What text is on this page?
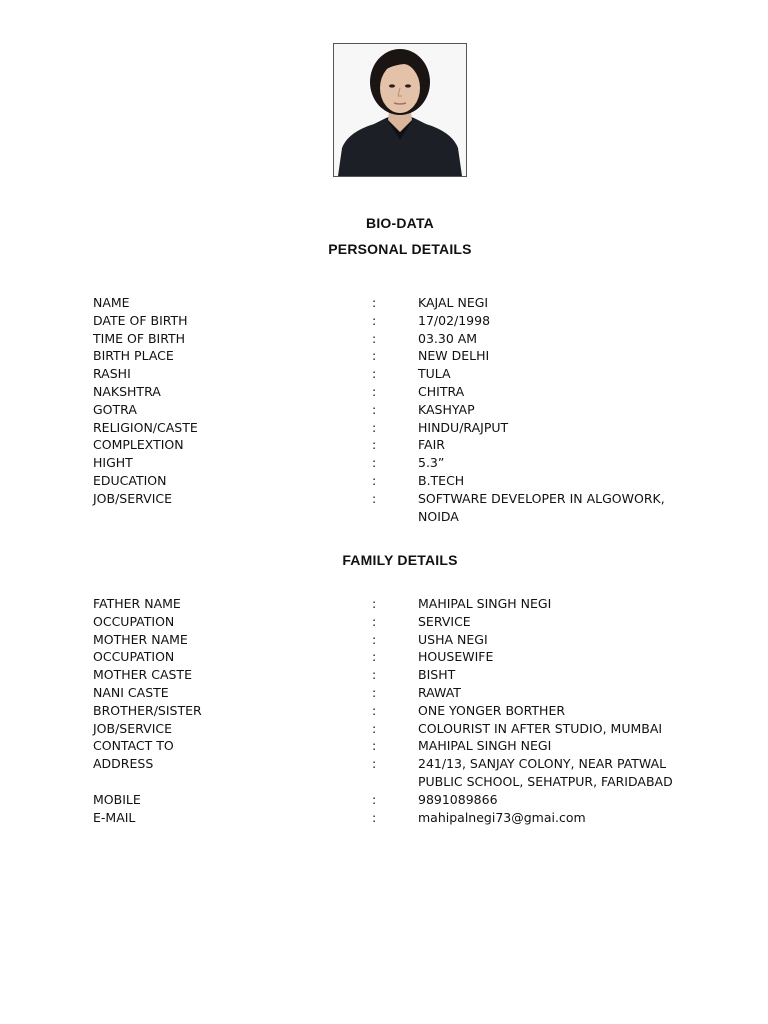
BIO-DATA
PERSONAL DETAILS
NAME	:	KAJAL NEGI
DATE OF BIRTH	:	17/02/1998
TIME OF BIRTH	:	03.30 AM
BIRTH PLACE	:	NEW DELHI
RASHI	:	TULA
NAKSHTRA	:	CHITRA
GOTRA	:	KASHYAP
RELIGION/CASTE	:	HINDU/RAJPUT
COMPLEXTION	:	FAIR
HIGHT	:	5.3”
EDUCATION	:	B.TECH
JOB/SERVICE	:	SOFTWARE DEVELOPER IN ALGOWORK, NOIDA
FAMILY DETAILS
FATHER NAME	:	MAHIPAL SINGH NEGI
OCCUPATION	:	SERVICE
MOTHER NAME	:	USHA NEGI
OCCUPATION	:	HOUSEWIFE
MOTHER CASTE	:	BISHT
NANI CASTE	:	RAWAT
BROTHER/SISTER	:	ONE YONGER BORTHER
JOB/SERVICE	:	COLOURIST IN AFTER STUDIO, MUMBAI
CONTACT TO	:	MAHIPAL SINGH NEGI
ADDRESS	:	241/13, SANJAY COLONY, NEAR PATWAL PUBLIC SCHOOL, SEHATPUR, FARIDABAD
MOBILE	:	9891089866
E-MAIL	:	mahipalnegi73@gmai.com
